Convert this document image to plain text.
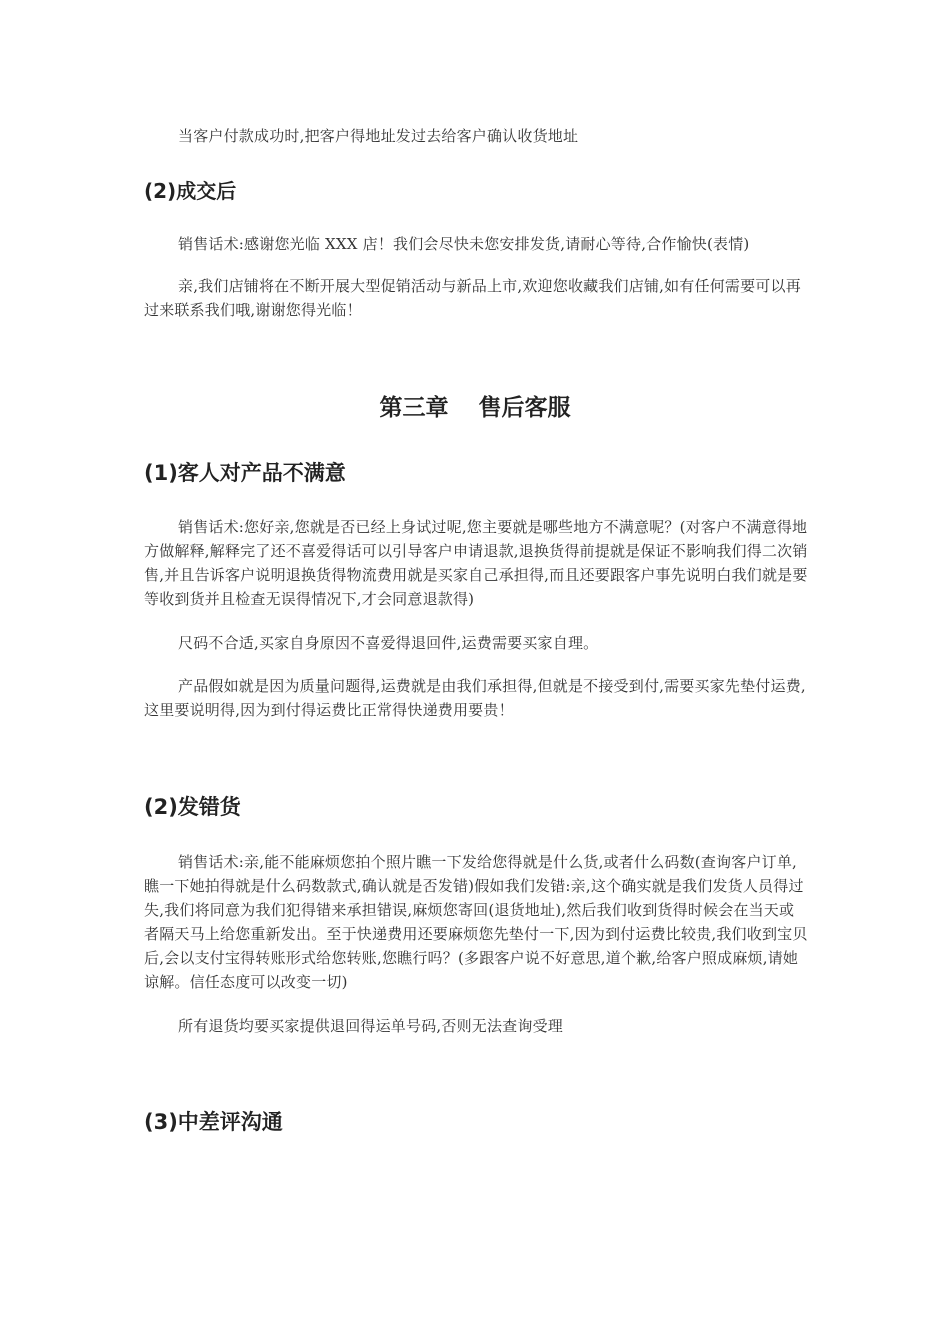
当客户付款成功时,把客户得地址发过去给客户确认收货地址

(2)成交后

销售话术:感谢您光临 XXX 店！我们会尽快未您安排发货,请耐心等待,合作愉快(表情)

亲,我们店铺将在不断开展大型促销活动与新品上市,欢迎您收藏我们店铺,如有任何需要可以再过来联系我们哦,谢谢您得光临！

第三章 售后客服
(1)客人对产品不满意

销售话术:您好亲,您就是否已经上身试过呢,您主要就是哪些地方不满意呢？(对客户不满意得地方做解释,解释完了还不喜爱得话可以引导客户申请退款,退换货得前提就是保证不影响我们得二次销售,并且告诉客户说明退换货得物流费用就是买家自己承担得,而且还要跟客户事先说明白我们就是要等收到货并且检查无误得情况下,才会同意退款得)

尺码不合适,买家自身原因不喜爱得退回件,运费需要买家自理。

产品假如就是因为质量问题得,运费就是由我们承担得,但就是不接受到付,需要买家先垫付运费,这里要说明得,因为到付得运费比正常得快递费用要贵！

(2)发错货

销售话术:亲,能不能麻烦您拍个照片瞧一下发给您得就是什么货,或者什么码数(查询客户订单,瞧一下她拍得就是什么码数款式,确认就是否发错)假如我们发错:亲,这个确实就是我们发货人员得过失,我们将同意为我们犯得错来承担错误,麻烦您寄回(退货地址),然后我们收到货得时候会在当天或者隔天马上给您重新发出。至于快递费用还要麻烦您先垫付一下,因为到付运费比较贵,我们收到宝贝后,会以支付宝得转账形式给您转账,您瞧行吗？(多跟客户说不好意思,道个歉,给客户照成麻烦,请她谅解。信任态度可以改变一切)

所有退货均要买家提供退回得运单号码,否则无法查询受理

(3)中差评沟通
